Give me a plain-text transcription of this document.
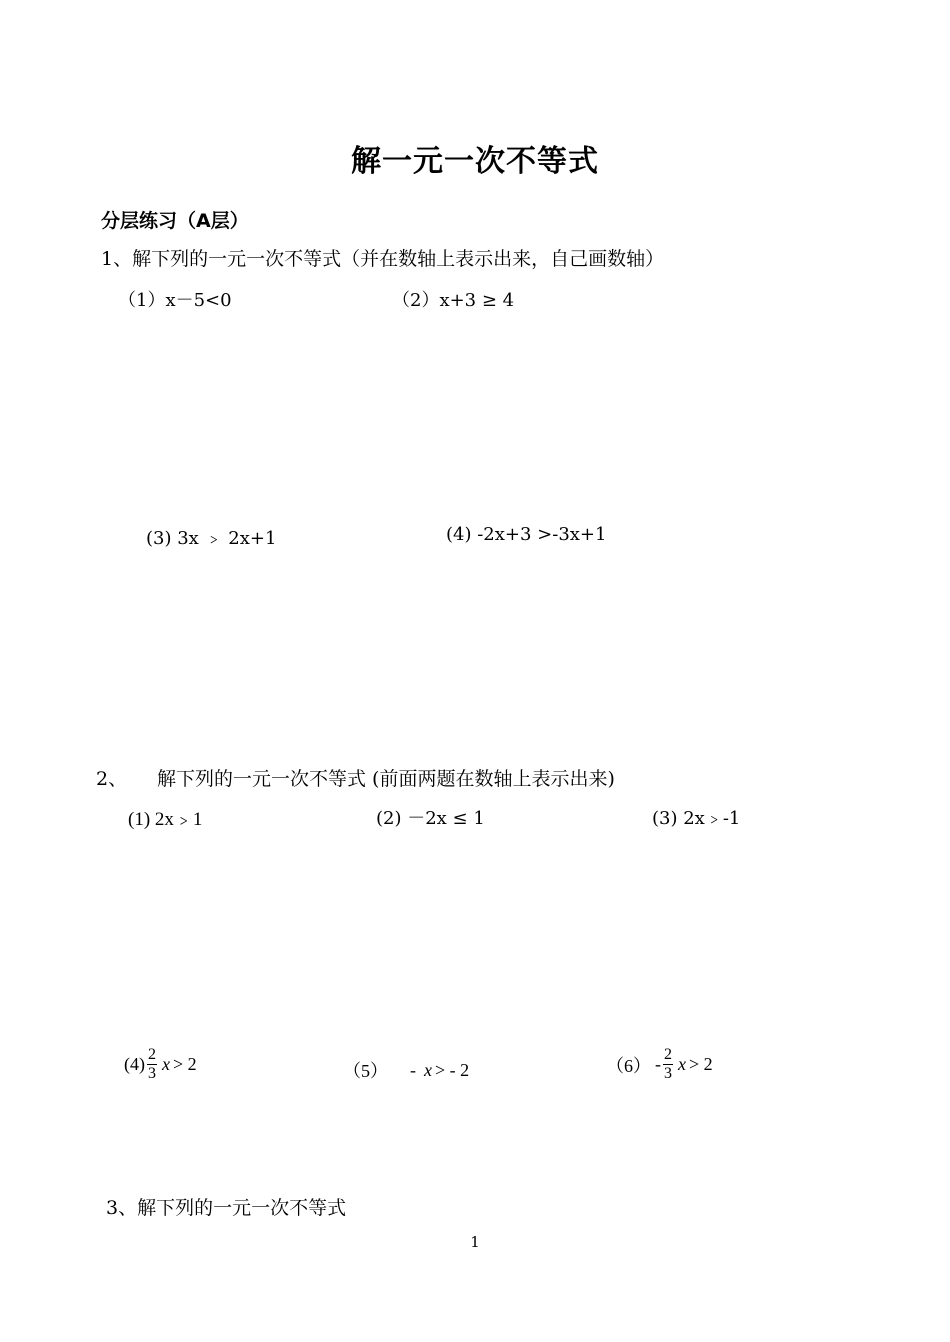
解一元一次不等式
分层练习（A层）
1、解下列的一元一次不等式（并在数轴上表示出来，自己画数轴）
（1）x－5<0	（2）x+3 ≥ 4
(3) 3x ﹥ 2x+1	(4) -2x+3 >-3x+1
2、 解下列的一元一次不等式 (前面两题在数轴上表示出来)
(1) 2x﹥1	(2) －2x ≤ 1	(3) 2x﹥-1
$(4) \frac{2}{3}$ x > 2	（5） - x > - 2	$(6) - \frac{2}{3}$ x > 2
3、解下列的一元一次不等式
1
